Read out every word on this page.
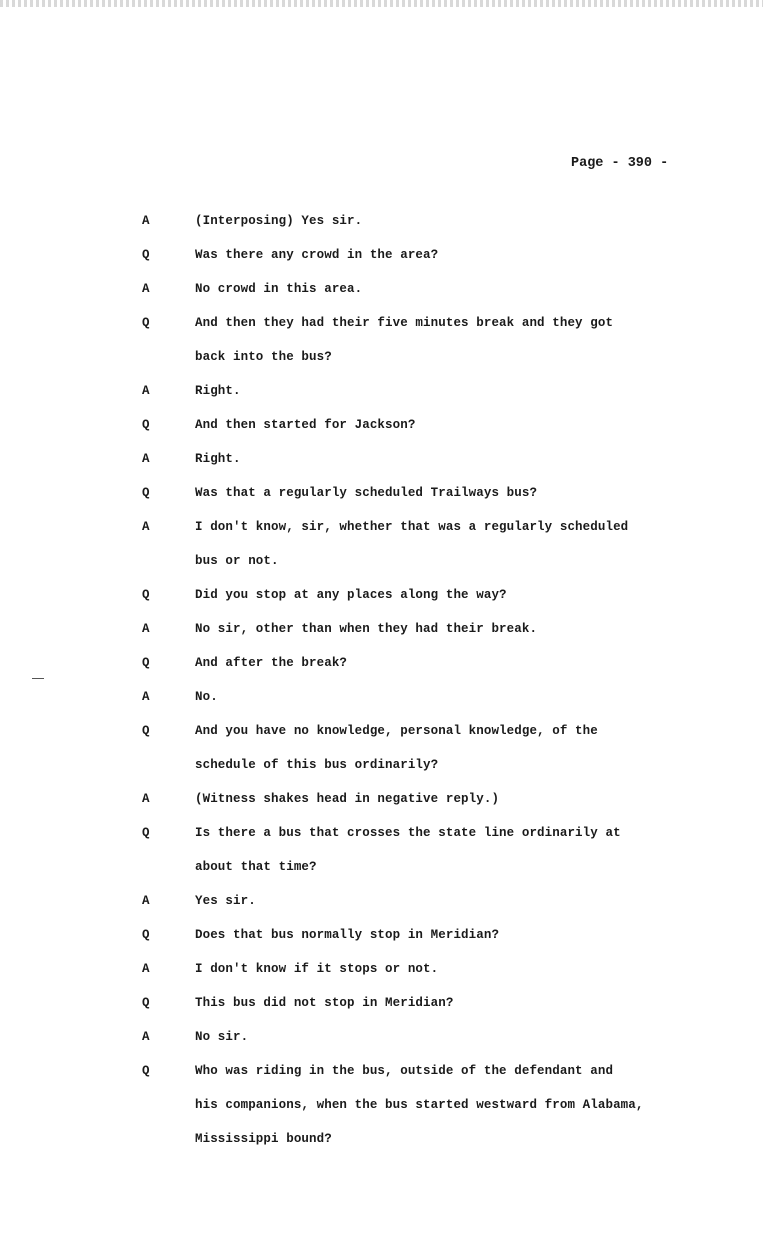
Page - 390 -
A	(Interposing) Yes sir.
Q	Was there any crowd in the area?
A	No crowd in this area.
Q	And then they had their five minutes break and they got
back into the bus?
A	Right.
Q	And then started for Jackson?
A	Right.
Q	Was that a regularly scheduled Trailways bus?
A	I don't know, sir, whether that was a regularly scheduled
bus or not.
Q	Did you stop at any places along the way?
A	No sir, other than when they had their break.
Q	And after the break?
A	No.
Q	And you have no knowledge, personal knowledge, of the
schedule of this bus ordinarily?
A	(Witness shakes head in negative reply.)
Q	Is there a bus that crosses the state line ordinarily at
about that time?
A	Yes sir.
Q	Does that bus normally stop in Meridian?
A	I don't know if it stops or not.
Q	This bus did not stop in Meridian?
A	No sir.
Q	Who was riding in the bus, outside of the defendant and
his companions, when the bus started westward from Alabama,
Mississippi bound?
